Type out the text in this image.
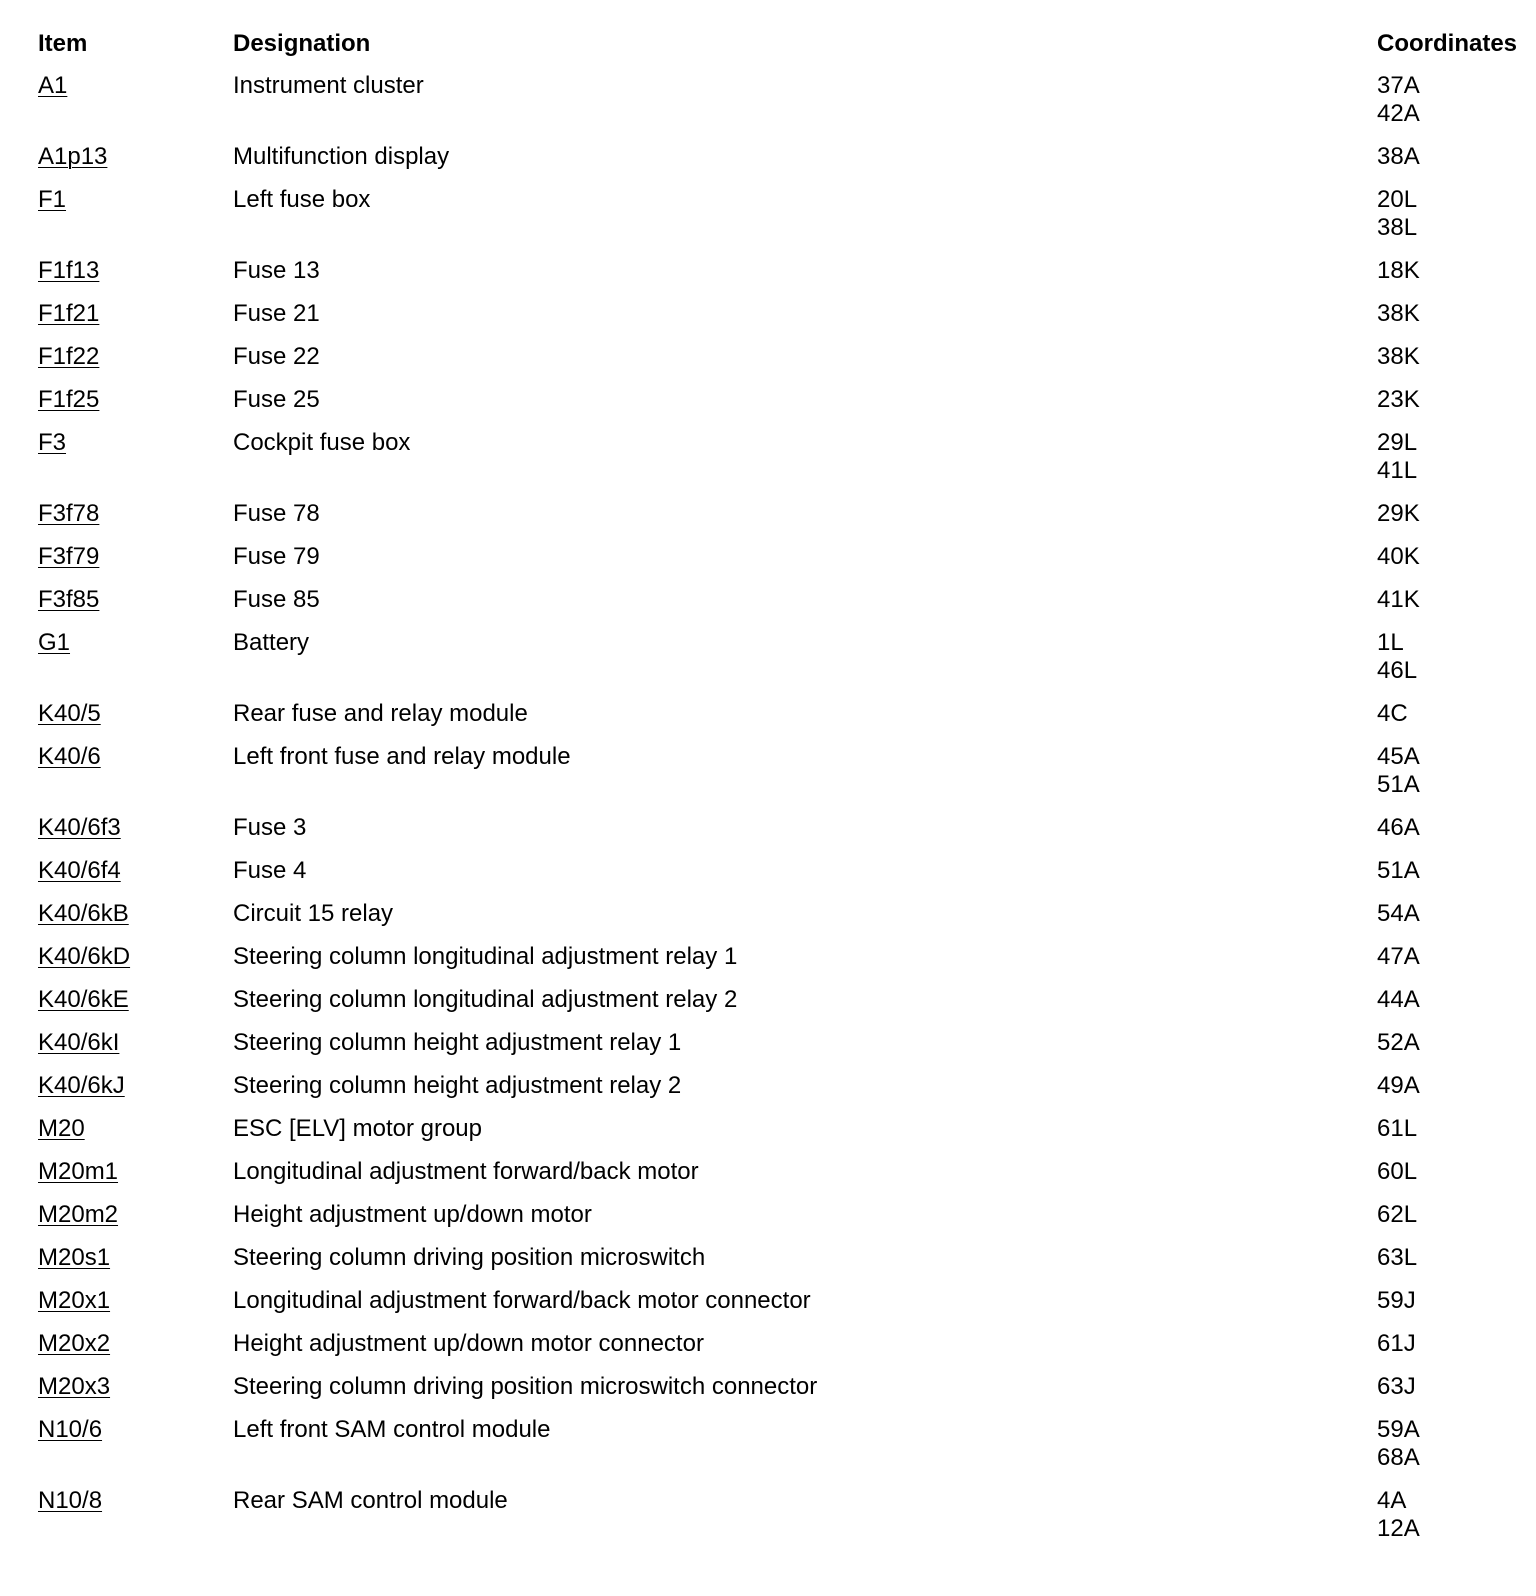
Item	Designation	Coordinates
A1	Instrument cluster	37A
42A
A1p13	Multifunction display	38A
F1	Left fuse box	20L
38L
F1f13	Fuse 13	18K
F1f21	Fuse 21	38K
F1f22	Fuse 22	38K
F1f25	Fuse 25	23K
F3	Cockpit fuse box	29L
41L
F3f78	Fuse 78	29K
F3f79	Fuse 79	40K
F3f85	Fuse 85	41K
G1	Battery	1L
46L
K40/5	Rear fuse and relay module	4C
K40/6	Left front fuse and relay module	45A
51A
K40/6f3	Fuse 3	46A
K40/6f4	Fuse 4	51A
K40/6kB	Circuit 15 relay	54A
K40/6kD	Steering column longitudinal adjustment relay 1	47A
K40/6kE	Steering column longitudinal adjustment relay 2	44A
K40/6kI	Steering column height adjustment relay 1	52A
K40/6kJ	Steering column height adjustment relay 2	49A
M20	ESC [ELV] motor group	61L
M20m1	Longitudinal adjustment forward/back motor	60L
M20m2	Height adjustment up/down motor	62L
M20s1	Steering column driving position microswitch	63L
M20x1	Longitudinal adjustment forward/back motor connector	59J
M20x2	Height adjustment up/down motor connector	61J
M20x3	Steering column driving position microswitch connector	63J
N10/6	Left front SAM control module	59A
68A
N10/8	Rear SAM control module	4A
12A
